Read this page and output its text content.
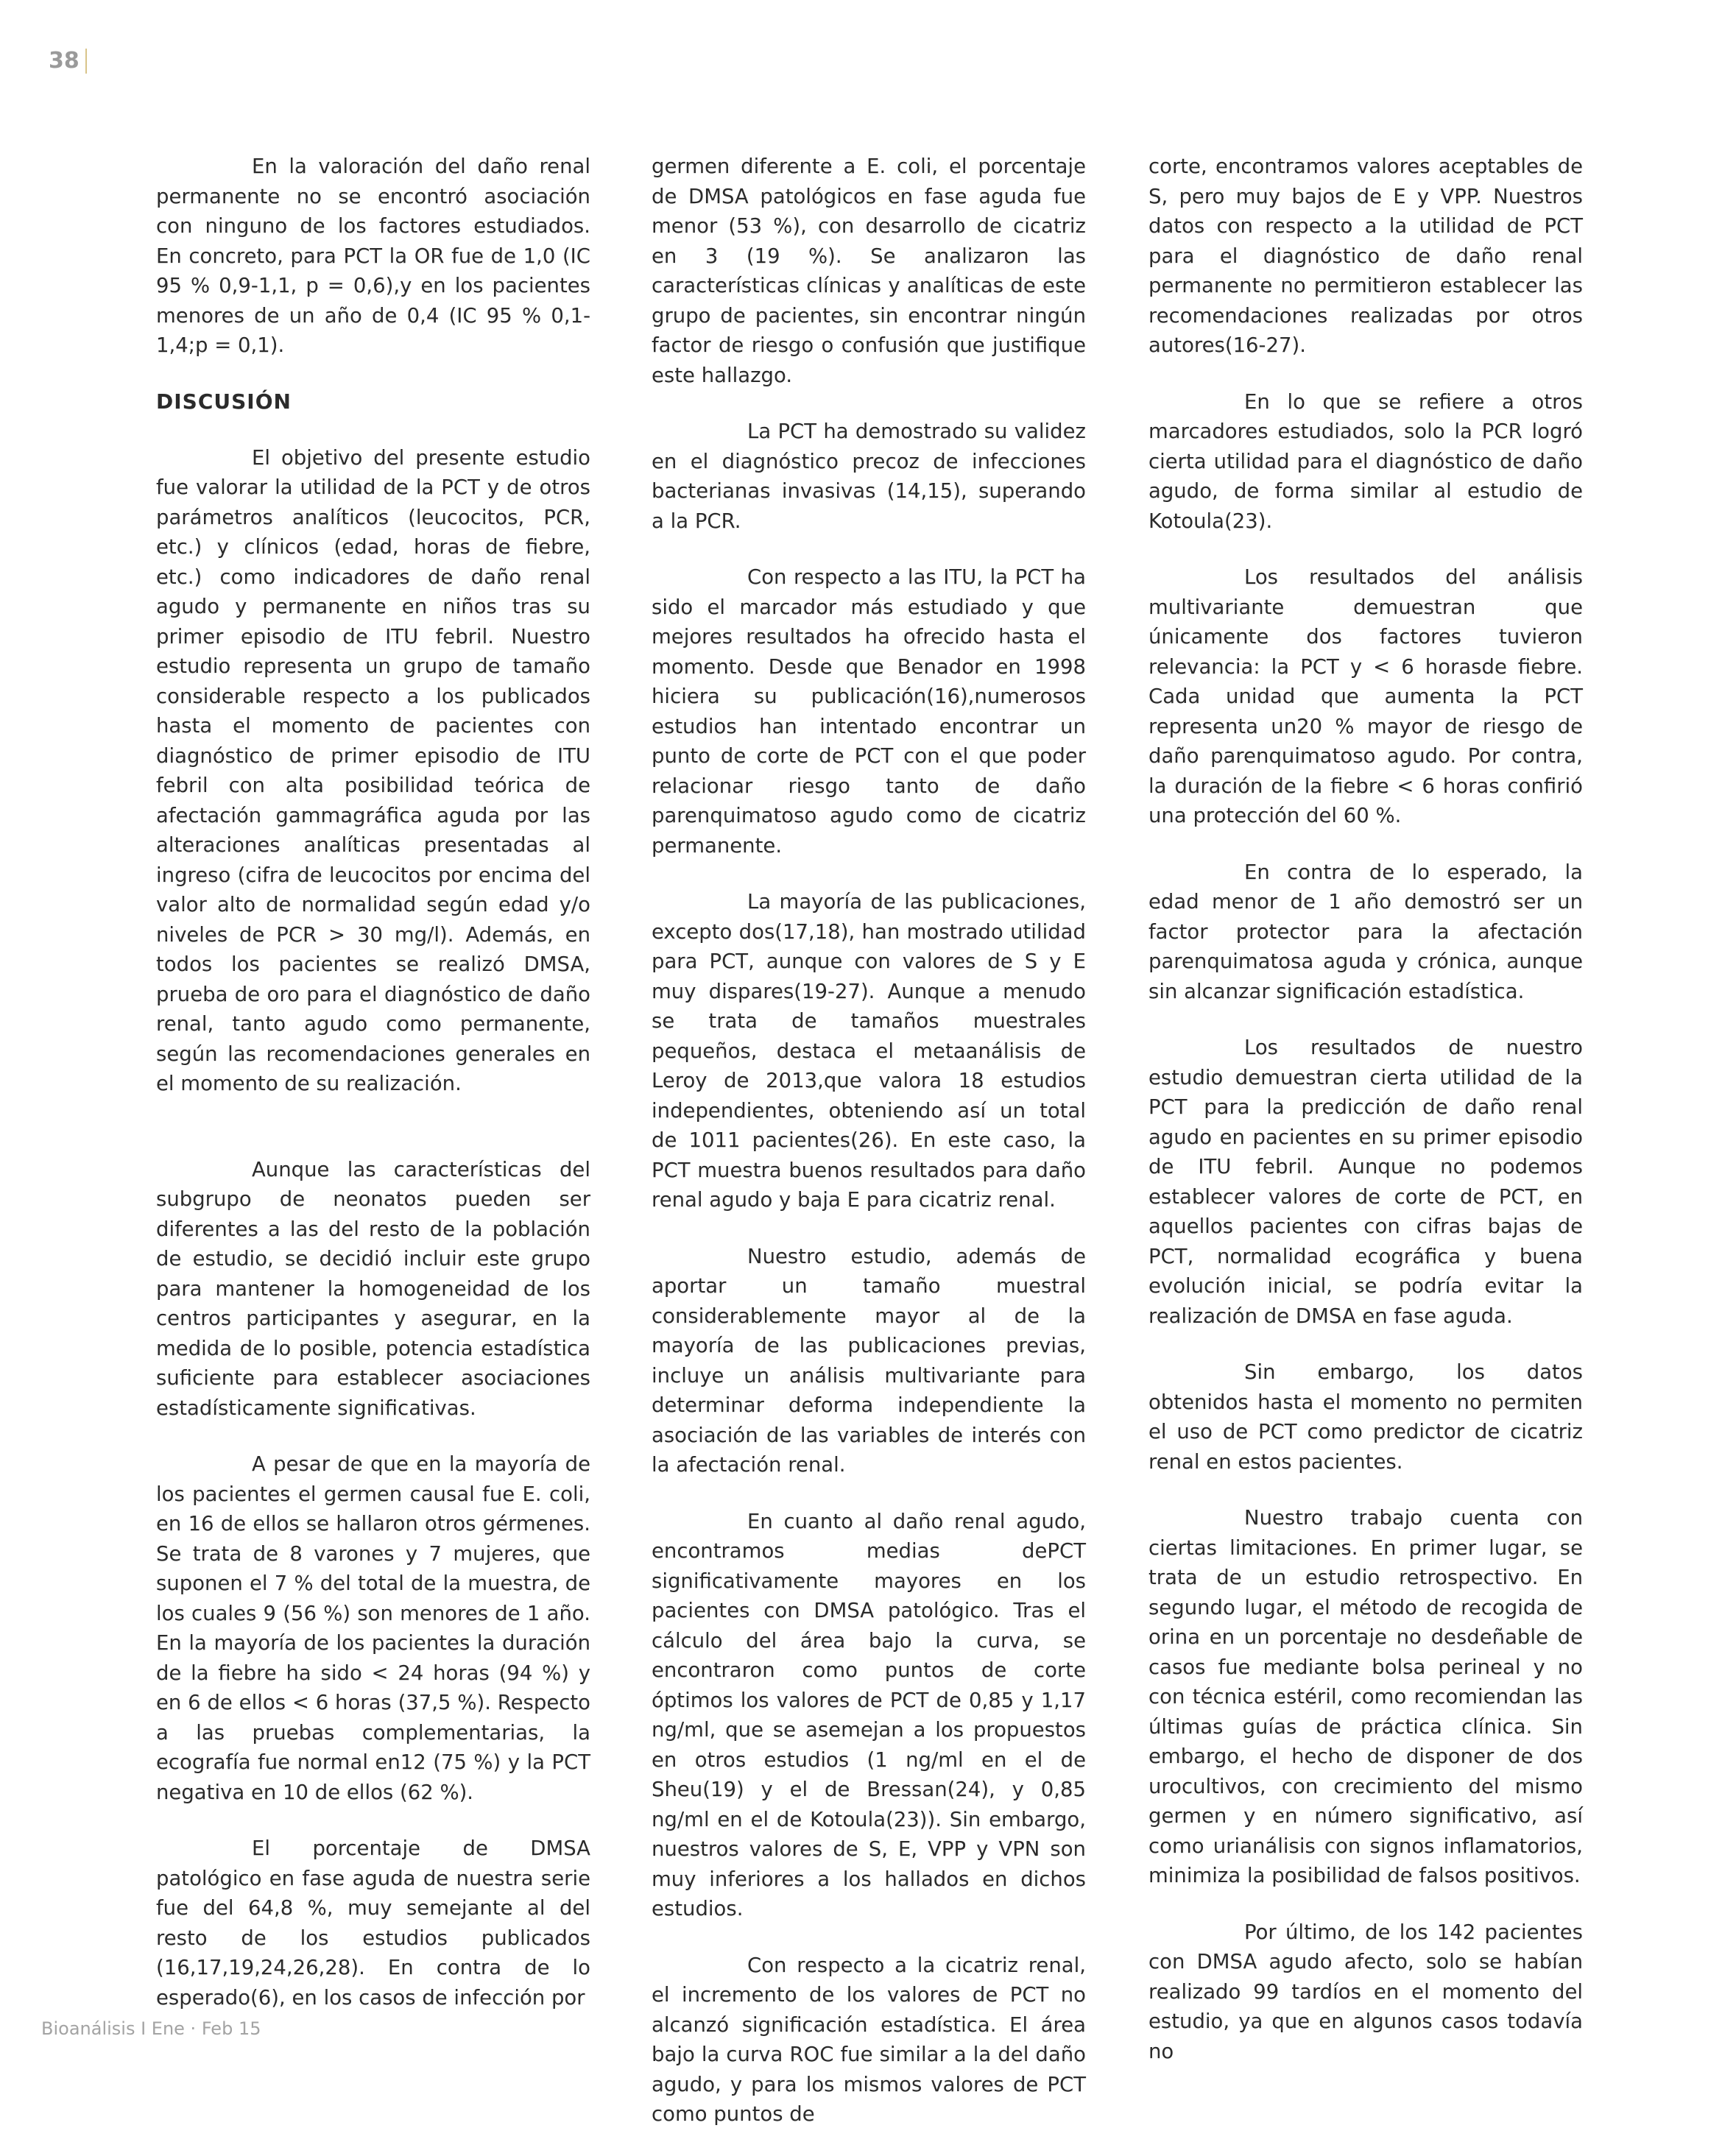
38

En la valoración del daño renal permanente no se encontró asociación con ninguno de los factores estudiados. En concreto, para PCT la OR fue de 1,0 (IC 95 % 0,9-1,1, p = 0,6),y en los pacientes menores de un año de 0,4 (IC 95 % 0,1-1,4;p = 0,1).

DISCUSIÓN

El objetivo del presente estudio fue valorar la utilidad de la PCT y de otros parámetros analíticos (leucocitos, PCR, etc.) y clínicos (edad, horas de fiebre, etc.) como indicadores de daño renal agudo y permanente en niños tras su primer episodio de ITU febril. Nuestro estudio representa un grupo de tamaño considerable respecto a los publicados hasta el momento de pacientes con diagnóstico de primer episodio de ITU febril con alta posibilidad teórica de afectación gammagráfica aguda por las alteraciones analíticas presentadas al ingreso (cifra de leucocitos por encima del valor alto de normalidad según edad y/o niveles de PCR > 30 mg/l). Además, en todos los pacientes se realizó DMSA, prueba de oro para el diagnóstico de daño renal, tanto agudo como permanente, según las recomendaciones generales en el momento de su realización.

Aunque las características del subgrupo de neonatos pueden ser diferentes a las del resto de la población de estudio, se decidió incluir este grupo para mantener la homogeneidad de los centros participantes y asegurar, en la medida de lo posible, potencia estadística suficiente para establecer asociaciones estadísticamente significativas.

A pesar de que en la mayoría de los pacientes el germen causal fue E. coli, en 16 de ellos se hallaron otros gérmenes. Se trata de 8 varones y 7 mujeres, que suponen el 7 % del total de la muestra, de los cuales 9 (56 %) son menores de 1 año. En la mayoría de los pacientes la duración de la fiebre ha sido < 24 horas (94 %) y en 6 de ellos < 6 horas (37,5 %). Respecto a las pruebas complementarias, la ecografía fue normal en12 (75 %) y la PCT negativa en 10 de ellos (62 %).

El porcentaje de DMSA patológico en fase aguda de nuestra serie fue del 64,8 %, muy semejante al del resto de los estudios publicados (16,17,19,24,26,28). En contra de lo esperado(6), en los casos de infección por

germen diferente a E. coli, el porcentaje de DMSA patológicos en fase aguda fue menor (53 %), con desarrollo de cicatriz en 3 (19 %). Se analizaron las características clínicas y analíticas de este grupo de pacientes, sin encontrar ningún factor de riesgo o confusión que justifique este hallazgo.

La PCT ha demostrado su validez en el diagnóstico precoz de infecciones bacterianas invasivas (14,15), superando a la PCR.

Con respecto a las ITU, la PCT ha sido el marcador más estudiado y que mejores resultados ha ofrecido hasta el momento. Desde que Benador en 1998 hiciera su publicación(16),numerosos estudios han intentado encontrar un punto de corte de PCT con el que poder relacionar riesgo tanto de daño parenquimatoso agudo como de cicatriz permanente.

La mayoría de las publicaciones, excepto dos(17,18), han mostrado utilidad para PCT, aunque con valores de S y E muy dispares(19-27). Aunque a menudo se trata de tamaños muestrales pequeños, destaca el metaanálisis de Leroy de 2013,que valora 18 estudios independientes, obteniendo así un total de 1011 pacientes(26). En este caso, la PCT muestra buenos resultados para daño renal agudo y baja E para cicatriz renal.

Nuestro estudio, además de aportar un tamaño muestral considerablemente mayor al de la mayoría de las publicaciones previas, incluye un análisis multivariante para determinar deforma independiente la asociación de las variables de interés con la afectación renal.

En cuanto al daño renal agudo, encontramos medias dePCT significativamente mayores en los pacientes con DMSA patológico. Tras el cálculo del área bajo la curva, se encontraron como puntos de corte óptimos los valores de PCT de 0,85 y 1,17 ng/ml, que se asemejan a los propuestos en otros estudios (1 ng/ml en el de Sheu(19) y el de Bressan(24), y 0,85 ng/ml en el de Kotoula(23)). Sin embargo, nuestros valores de S, E, VPP y VPN son muy inferiores a los hallados en dichos estudios.

Con respecto a la cicatriz renal, el incremento de los valores de PCT no alcanzó significación estadística. El área bajo la curva ROC fue similar a la del daño agudo, y para los mismos valores de PCT como puntos de

corte, encontramos valores aceptables de S, pero muy bajos de E y VPP. Nuestros datos con respecto a la utilidad de PCT para el diagnóstico de daño renal permanente no permitieron establecer las recomendaciones realizadas por otros autores(16-27).

En lo que se refiere a otros marcadores estudiados, solo la PCR logró cierta utilidad para el diagnóstico de daño agudo, de forma similar al estudio de Kotoula(23).

Los resultados del análisis multivariante demuestran que únicamente dos factores tuvieron relevancia: la PCT y < 6 horasde fiebre. Cada unidad que aumenta la PCT representa un20 % mayor de riesgo de daño parenquimatoso agudo. Por contra, la duración de la fiebre < 6 horas confirió una protección del 60 %.

En contra de lo esperado, la edad menor de 1 año demostró ser un factor protector para la afectación parenquimatosa aguda y crónica, aunque sin alcanzar significación estadística.

Los resultados de nuestro estudio demuestran cierta utilidad de la PCT para la predicción de daño renal agudo en pacientes en su primer episodio de ITU febril. Aunque no podemos establecer valores de corte de PCT, en aquellos pacientes con cifras bajas de PCT, normalidad ecográfica y buena evolución inicial, se podría evitar la realización de DMSA en fase aguda.

Sin embargo, los datos obtenidos hasta el momento no permiten el uso de PCT como predictor de cicatriz renal en estos pacientes.

Nuestro trabajo cuenta con ciertas limitaciones. En primer lugar, se trata de un estudio retrospectivo. En segundo lugar, el método de recogida de orina en un porcentaje no desdeñable de casos fue mediante bolsa perineal y no con técnica estéril, como recomiendan las últimas guías de práctica clínica. Sin embargo, el hecho de disponer de dos urocultivos, con crecimiento del mismo germen y en número significativo, así como urianálisis con signos inflamatorios, minimiza la posibilidad de falsos positivos.

Por último, de los 142 pacientes con DMSA agudo afecto, solo se habían realizado 99 tardíos en el momento del estudio, ya que en algunos casos todavía no

Bioanálisis I Ene · Feb 15
